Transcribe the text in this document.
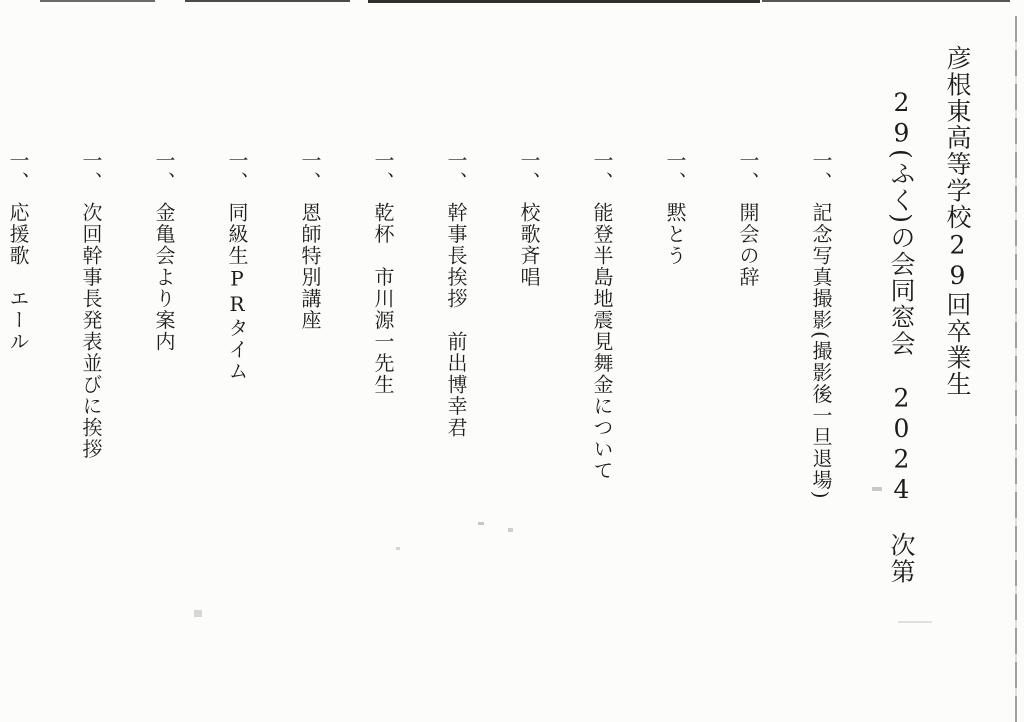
彦根東高等学校29回卒業生
29(ふく)の会同窓会　2024　次第
一、記念写真撮影(撮影後一旦退場)
一、開会の辞
一、黙とう
一、能登半島地震見舞金について
一、校歌斉唱
一、幹事長挨拶　前出博幸君
一、乾杯　市川源一先生
一、恩師特別講座
一、同級生PRタイム
一、金亀会より案内
一、次回幹事長発表並びに挨拶
一、応援歌　エール
